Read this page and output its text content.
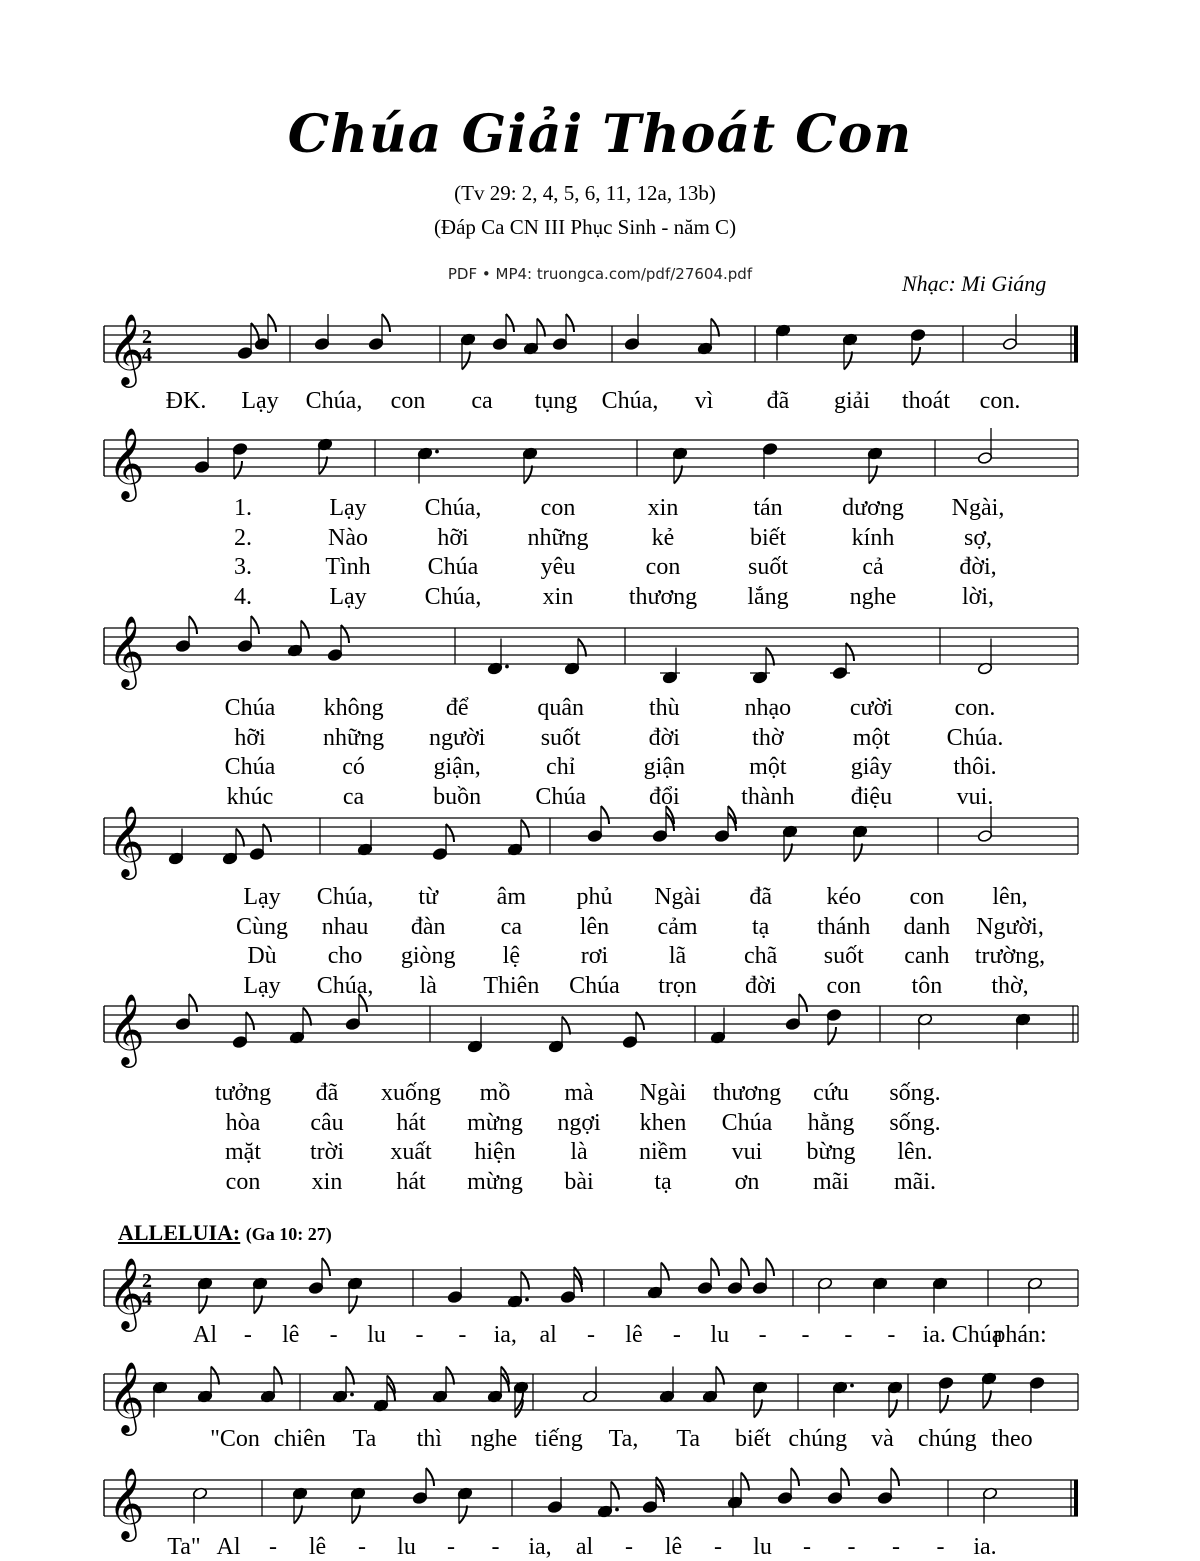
Chúa Giải Thoát Con
(Tv 29: 2, 4, 5, 6, 11, 12a, 13b)
(Đáp Ca CN III Phục Sinh - năm C)
PDF • MP4: truongca.com/pdf/27604.pdf	Nhạc: Mi Giáng
ALLELUIA: (Ga 10: 27)
𝄞
2
4
𝄞
𝄞
𝄞
𝄞
𝄞
2
4
𝄞
𝄞
ĐK. Lạy Chúa, con ca tụng Chúa, vì đã giải thoát con.
1.	Lạy Chúa, con	xin	tán dương Ngài,
2.	Nào	hỡi những	kẻ	biết	kính	sợ,
3.	Tình Chúa	yêu	con	suốt	cả	đời,
4.	Lạy Chúa,	xin thương lắng	nghe	lời,
Chúa không	để	quân	thù	nhạo cười	con.
hỡi những người suốt	đời	thờ	một Chúa.
Chúa	có	giận,	chỉ	giận	một	giây	thôi.
khúc	ca	buồn Chúa	đổi	thành điệu	vui.
Lạy Chúa, từ âm phủ Ngài đã kéo con lên,
Cùng nhau đàn ca lên cảm tạ thánh danh Người,
Dù cho giòng lệ	rơi	lã chã suốt canh trường,
Lạy Chúa, là Thiên Chúa trọn đời con tôn thờ,
tưởng đã xuống mồ mà Ngài thương cứu sống.
hòa câu hát mừng ngợi khen Chúa hằng sống.
mặt trời xuất hiện là niềm vui bừng lên.
con xin hát mừng bài	tạ	ơn mãi mãi.
Al - lê - lu - - ia, al - lê - lu - - - - ia. Chúa
phán:
"Con chiên Ta thì nghe tiếng Ta, Ta biết chúng và chúng theo
Ta" Al - lê - lu - - ia, al - lê - lu - - - - ia.
